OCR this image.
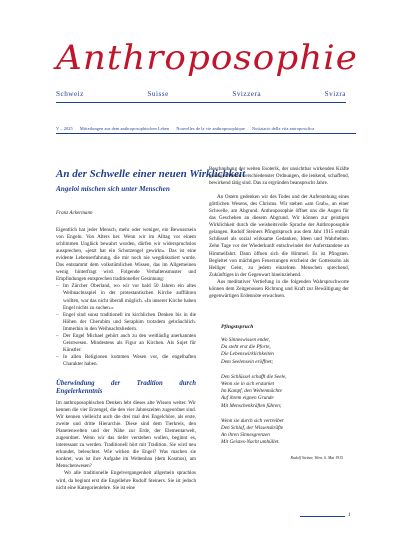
Anthroposophie
Schweiz	Suisse	Svizzera	Svizra
V – 2025 Mitteilungen aus dem anthroposophischen Leben Nouvelles de la vie anthroposophique Notiziario della vita antroposofica
An der Schwelle einer neuen Wirklichkeit
Angeloi mischen sich unter Menschen
Franz Ackermann

Eigentlich hat jeder Mensch, mehr oder weniger, ein Bewusstsein von Engeln. Von Alters her. Wenn wir im Alltag vor einem schlimmen Unglück bewahrt wurden, dürfen wir widerspruchslos aussprechen, «jetzt hat ein Schutzengel gewirkt». Das ist eine evidente Lebenserfahrung, die mir noch nie wegdiskutiert wurde. Das entstammt dem volkstümlichen Wissen, das im Allgemeinen wenig hinterfragt wird. Folgende Verhaltensmuster und Empfindungen entsprechen traditioneller Gesinnung:

– Im Zürcher Oberland, wo wir vor bald 50 Jahren ein altes Weihnachtsspiel in der protestantischen Kirche aufführen wollten, war das nicht überall möglich. «In unserer Kirche haben Engel nichts zu suchen.»
– Engel sind sonst traditionell im kirchlichen Denken bis in die Höhen der Cherubim und Seraphim trotzdem gebräuchlich. Immerhin in den Weihnachtsliedern.
– Der Engel Michael gehört auch zu den weitläufig anerkannten Geistwesen. Mindestens als Figur an Kirchen. Als Sujet für Künstler.
– In allen Religionen kommen Wesen vor, die engelhaften Charakter haben.
Überwindung der Tradition durch Engelerkenntnis

Im anthroposophischen Denken lebt dieses alte Wissen weiter. Wir kennen die vier Erzengel, die den vier Jahreszeiten zugeordnet sind. Wir kennen vielleicht auch die drei mal drei Engelchöre, als erste, zweite und dritte Hierarchie. Diese sind dem Tierkreis, den Planetenwelten und der Nähe zur Erde, der Elementarwelt, zugeordnet. Wenn wir das tiefer verstehen wollen, beginnt es, interessant zu werden. Traditionell hört mit Tradition. Sie wird neu erkundet, beleuchtet. Wie wirken die Engel? Was machen sie konkret, was ist ihre Aufgabe im Weltenbau (dem Kosmos), am Menschenwesen?

Wo alle traditionelle Engelvergangenheit allgemein sprachlos wird, da beginnt erst die Engellehre Rudolf Steiners. Sie ist jedoch nicht eine Kategorienlehre. Sie ist eine

Beschreibung der weiten Esoterik, der unsichtbar wirkenden Kräfte geistiger Wesen verschiedenster Ordnungen, die lenkend, schaffend, bewirkend tätig sind. Das zu ergründen beansprucht Jahre.

An Ostern gedenken wir des Todes und der Auferstehung eines göttlichen Wesens, des Christus. Wir stehen «am Grab», an einer Schwelle, am Abgrund. Anthroposophie öffnet uns die Augen für das Geschehen an diesem Abgrund. Wir können zur geistigen Wirklichkeit durch die weisheitsvolle Sprache der Anthroposophie gelangen. Rudolf Steiners Pfingstspruch aus dem Jahr 1915 enthält Schlüssel als sozial wirksame Gedanken, Ideen und Wahrheiten. Zehn Tage vor der Wiederkunft entschwindet der Auferstandene an Himmelfahrt. Dann öffnen sich die Himmel. Es ist Pfingsten. Begleitet von mächtigen Feuerzungen erscheint der Gottessohn als Heiliger Geist, zu jedem einzelnen Menschen sprechend, Zukünftiges in der Gegenwart hineinziehend.

Aus meditativer Vertiefung in die folgenden Wahrspruchworte können dem Zeitgenossen Richtung und Kraft zur Bewältigung der gegenwärtigen Erdennöte erwachsen.

Pfingstspruch
Wo Sinneswissen endet,
Da steht erst die Pforte,
Die Lebenswirklichkeiten
Dem Seelensein eröffnet;
Den Schlüssel schafft die Seele,
Wenn sie in sich erstarket
Im Kampf, den Weltenmächte
Auf ihrem eignen Grunde
Mit Menschenkräften führen;
Wenn sie durch sich vertreibet
Den Schlaf, der Wissenskräfte
An ihren Sinnesgrenzen
Mit Geistes-Nacht umhüllet.
Rudolf Steiner, Wien, 6. Mai 1915
1
